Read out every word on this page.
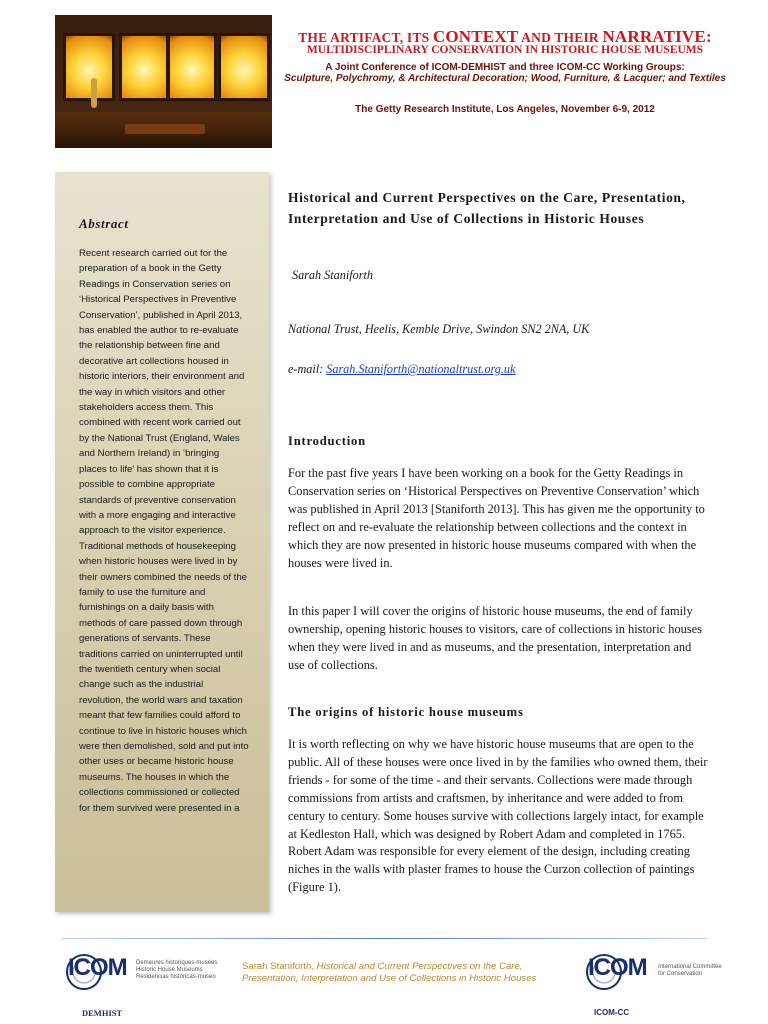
THE ARTIFACT, ITS CONTEXT AND THEIR NARRATIVE:
MULTIDISCIPLINARY CONSERVATION IN HISTORIC HOUSE MUSEUMS
A Joint Conference of ICOM-DEMHIST and three ICOM-CC Working Groups:
Sculpture, Polychromy, & Architectural Decoration; Wood, Furniture, & Lacquer; and Textiles
The Getty Research Institute, Los Angeles, November 6-9, 2012
Abstract
Recent research carried out for the preparation of a book in the Getty Readings in Conservation series on ‘Historical Perspectives in Preventive Conservation’, published in April 2013, has enabled the author to re-evaluate the relationship between fine and decorative art collections housed in historic interiors, their environment and the way in which visitors and other stakeholders access them. This combined with recent work carried out by the National Trust (England, Wales and Northern Ireland) in ‘bringing places to life’ has shown that it is possible to combine appropriate standards of preventive conservation with a more engaging and interactive approach to the visitor experience. Traditional methods of housekeeping when historic houses were lived in by their owners combined the needs of the family to use the furniture and furnishings on a daily basis with methods of care passed down through generations of servants. These traditions carried on uninterrupted until the twentieth century when social change such as the industrial revolution, the world wars and taxation meant that few families could afford to continue to live in historic houses which were then demolished, sold and put into other uses or became historic house museums. The houses in which the collections commissioned or collected for them survived were presented in a
Historical and Current Perspectives on the Care, Presentation, Interpretation and Use of Collections in Historic Houses
Sarah Staniforth
National Trust, Heelis, Kemble Drive, Swindon SN2 2NA, UK
e-mail: Sarah.Staniforth@nationaltrust.org.uk
Introduction
For the past five years I have been working on a book for the Getty Readings in Conservation series on ‘Historical Perspectives on Preventive Conservation’ which was published in April 2013 [Staniforth 2013]. This has given me the opportunity to reflect on and re-evaluate the relationship between collections and the context in which they are now presented in historic house museums compared with when the houses were lived in.
In this paper I will cover the origins of historic house museums, the end of family ownership, opening historic houses to visitors, care of collections in historic houses when they were lived in and as museums, and the presentation, interpretation and use of collections.
The origins of historic house museums
It is worth reflecting on why we have historic house museums that are open to the public. All of these houses were once lived in by the families who owned them, their friends - for some of the time - and their servants. Collections were made through commissions from artists and craftsmen, by inheritance and were added to from century to century. Some houses survive with collections largely intact, for example at Kedleston Hall, which was designed by Robert Adam and completed in 1765. Robert Adam was responsible for every element of the design, including creating niches in the walls with plaster frames to house the Curzon collection of paintings (Figure 1).
ICOM Demeures historiques-musées Historic House Museums Residencias históricas-museo
DEMHIST
Sarah Staniforth, Historical and Current Perspectives on the Care, Presentation, Interpretation and Use of Collections in Historic Houses	ICOM International Committee for Conservation
ICOM-CC
